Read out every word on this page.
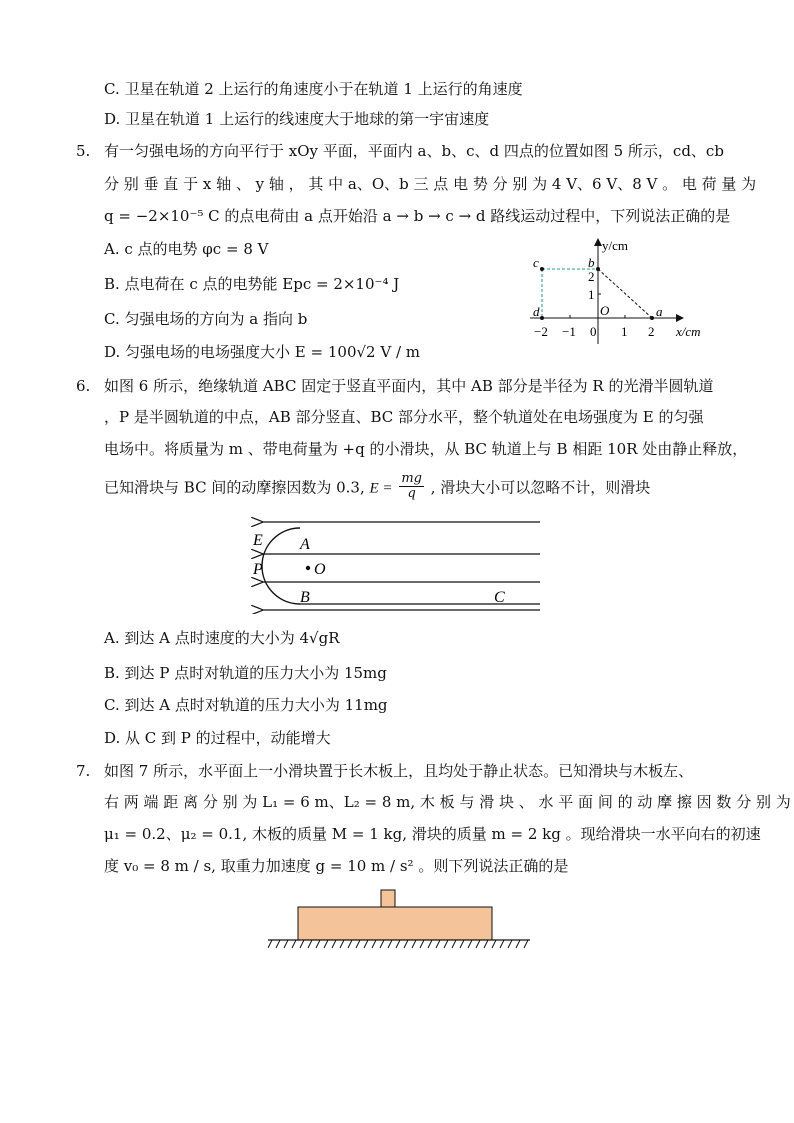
C. 卫星在轨道 2 上运行的角速度小于在轨道 1 上运行的角速度
D. 卫星在轨道 1 上运行的线速度大于地球的第一宇宙速度
5. 有一匀强电场的方向平行于 xOy 平面，平面内 a、b、c、d 四点的位置如图 5 所示，cd、cb
分 别 垂 直 于 x 轴 、 y 轴 ， 其 中 a、O、b 三 点 电 势 分 别 为 4 V、6 V、8 V 。 电 荷 量 为
q = −2×10⁻⁵ C 的点电荷由 a 点开始沿 a → b → c → d 路线运动过程中，下列说法正确的是
A. c 点的电势 φc = 8 V
B. 点电荷在 c 点的电势能 Epc = 2×10⁻⁴ J
C. 匀强电场的方向为 a 指向 b
D. 匀强电场的电场强度大小 E = 100√2 V / m
y/cm
x/cm
c	b
a
d	O
2
1
−2 −1 0 1 2
6. 如图 6 所示，绝缘轨道 ABC 固定于竖直平面内，其中 AB 部分是半径为 R 的光滑半圆轨道
，P 是半圆轨道的中点，AB 部分竖直、BC 部分水平，整个轨道处在电场强度为 E 的匀强
电场中。将质量为 m 、带电荷量为 +q 的小滑块，从 BC 轨道上与 B 相距 10R 处由静止释放，
已知滑块与 BC 间的动摩擦因数为 0.3, $E = \frac{mg}{q}$ , 滑块大小可以忽略不计，则滑块
E A
P	O
B	C
A. 到达 A 点时速度的大小为 4√gR
B. 到达 P 点时对轨道的压力大小为 15mg
C. 到达 A 点时对轨道的压力大小为 11mg
D. 从 C 到 P 的过程中，动能增大
7. 如图 7 所示，水平面上一小滑块置于长木板上，且均处于静止状态。已知滑块与木板左、
右 两 端 距 离 分 别 为 L₁ = 6 m、L₂ = 8 m, 木 板 与 滑 块 、 水 平 面 间 的 动 摩 擦 因 数 分 别 为
μ₁ = 0.2、μ₂ = 0.1, 木板的质量 M = 1 kg, 滑块的质量 m = 2 kg 。现给滑块一水平向右的初速
度 v₀ = 8 m / s, 取重力加速度 g = 10 m / s² 。则下列说法正确的是
